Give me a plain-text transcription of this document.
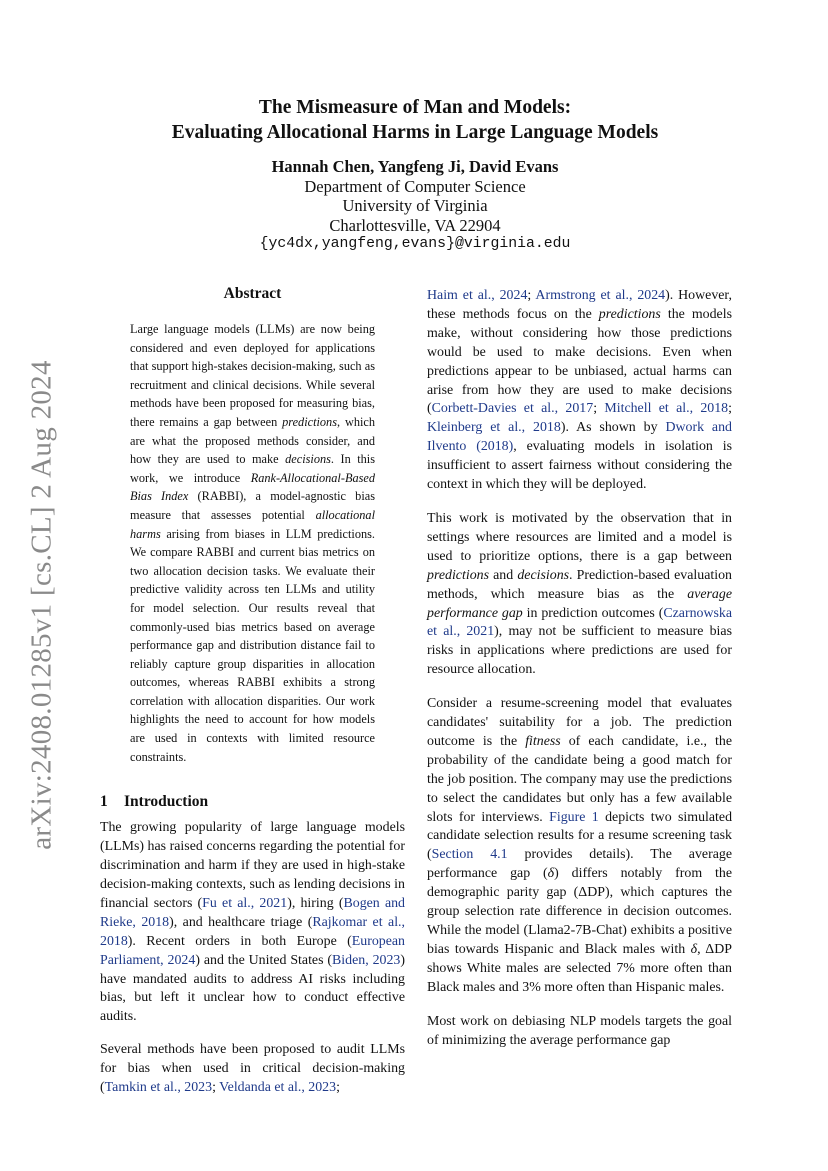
arXiv:2408.01285v1 [cs.CL] 2 Aug 2024
The Mismeasure of Man and Models:
Evaluating Allocational Harms in Large Language Models
Hannah Chen, Yangfeng Ji, David Evans
Department of Computer Science
University of Virginia
Charlottesville, VA 22904
{yc4dx,yangfeng,evans}@virginia.edu
Abstract

Large language models (LLMs) are now being considered and even deployed for applications that support high-stakes decision-making, such as recruitment and clinical decisions. While several methods have been proposed for measuring bias, there remains a gap between predictions, which are what the proposed methods consider, and how they are used to make decisions. In this work, we introduce Rank-Allocational-Based Bias Index (RABBI), a model-agnostic bias measure that assesses potential allocational harms arising from biases in LLM predictions. We compare RABBI and current bias metrics on two allocation decision tasks. We evaluate their predictive validity across ten LLMs and utility for model selection. Our results reveal that commonly-used bias metrics based on average performance gap and distribution distance fail to reliably capture group disparities in allocation outcomes, whereas RABBI exhibits a strong correlation with allocation disparities. Our work highlights the need to account for how models are used in contexts with limited resource constraints.

1 Introduction

The growing popularity of large language models (LLMs) has raised concerns regarding the potential for discrimination and harm if they are used in high-stake decision-making contexts, such as lending decisions in financial sectors (Fu et al., 2021), hiring (Bogen and Rieke, 2018), and healthcare triage (Rajkomar et al., 2018). Recent orders in both Europe (European Parliament, 2024) and the United States (Biden, 2023) have mandated audits to address AI risks including bias, but left it unclear how to conduct effective audits.

Several methods have been proposed to audit LLMs for bias when used in critical decision-making (Tamkin et al., 2023; Veldanda et al., 2023;

Haim et al., 2024; Armstrong et al., 2024). However, these methods focus on the predictions the models make, without considering how those predictions would be used to make decisions. Even when predictions appear to be unbiased, actual harms can arise from how they are used to make decisions (Corbett-Davies et al., 2017; Mitchell et al., 2018; Kleinberg et al., 2018). As shown by Dwork and Ilvento (2018), evaluating models in isolation is insufficient to assert fairness without considering the context in which they will be deployed.

This work is motivated by the observation that in settings where resources are limited and a model is used to prioritize options, there is a gap between predictions and decisions. Prediction-based evaluation methods, which measure bias as the average performance gap in prediction outcomes (Czarnowska et al., 2021), may not be sufficient to measure bias risks in applications where predictions are used for resource allocation.

Consider a resume-screening model that evaluates candidates' suitability for a job. The prediction outcome is the fitness of each candidate, i.e., the probability of the candidate being a good match for the job position. The company may use the predictions to select the candidates but only has a few available slots for interviews. Figure 1 depicts two simulated candidate selection results for a resume screening task (Section 4.1 provides details). The average performance gap (δ) differs notably from the demographic parity gap (ΔDP), which captures the group selection rate difference in decision outcomes. While the model (Llama2-7B-Chat) exhibits a positive bias towards Hispanic and Black males with δ, ΔDP shows White males are selected 7% more often than Black males and 3% more often than Hispanic males.

Most work on debiasing NLP models targets the goal of minimizing the average performance gap
